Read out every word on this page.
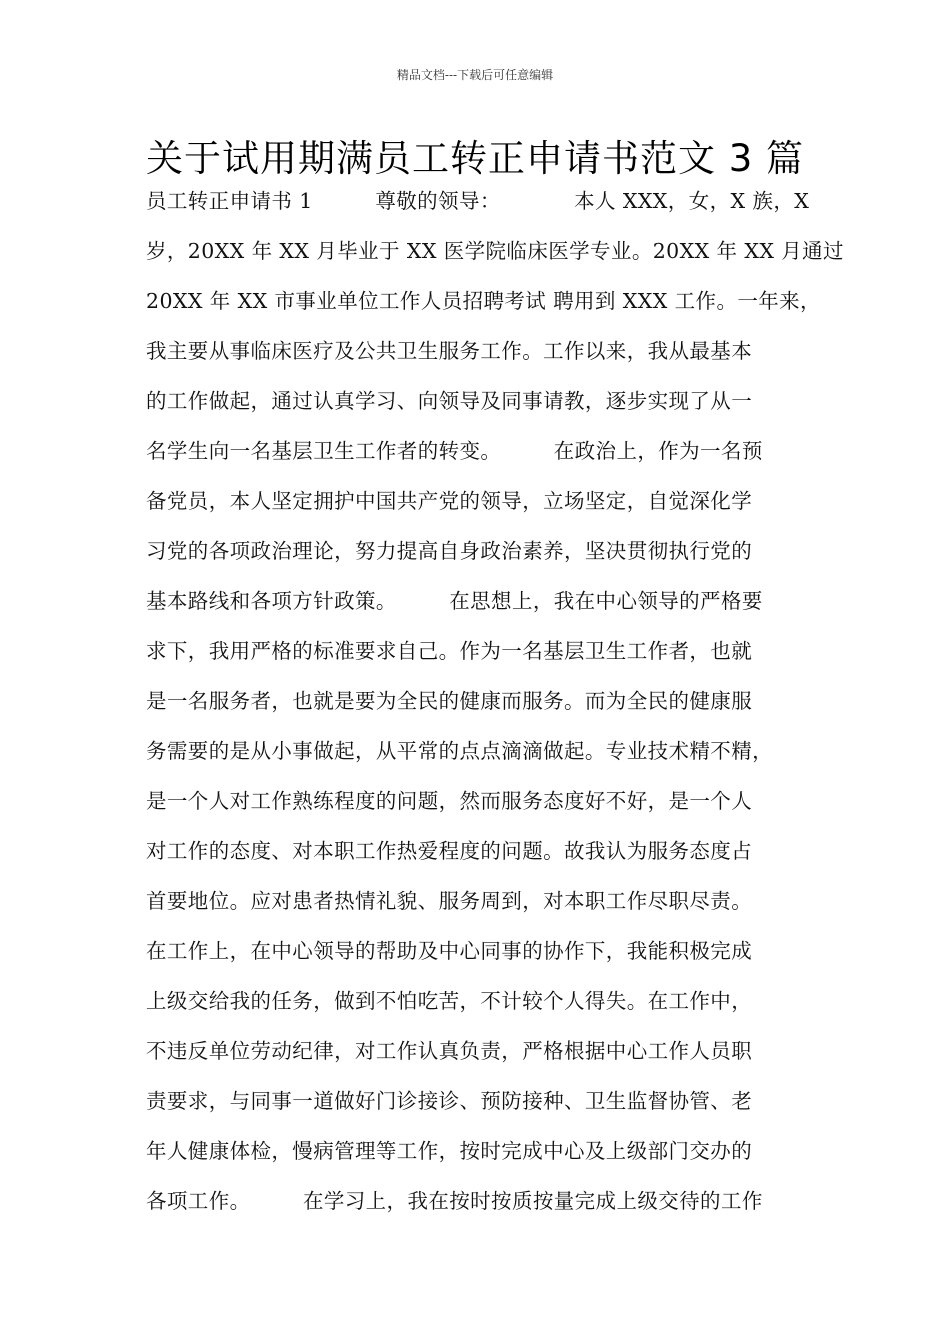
精品文档---下载后可任意编辑
关于试用期满员工转正申请书范文 3 篇
员工转正申请书 1　　　尊敬的领导：　　　　本人 XXX，女，X 族，X
岁，20XX 年 XX 月毕业于 XX 医学院临床医学专业。20XX 年 XX 月通过
20XX 年 XX 市事业单位工作人员招聘考试 聘用到 XXX 工作。一年来，
我主要从事临床医疗及公共卫生服务工作。工作以来，我从最基本
的工作做起，通过认真学习、向领导及同事请教，逐步实现了从一
名学生向一名基层卫生工作者的转变。　　　在政治上，作为一名预
备党员，本人坚定拥护中国共产党的领导，立场坚定，自觉深化学
习党的各项政治理论，努力提高自身政治素养，坚决贯彻执行党的
基本路线和各项方针政策。　　　在思想上，我在中心领导的严格要
求下，我用严格的标准要求自己。作为一名基层卫生工作者，也就
是一名服务者，也就是要为全民的健康而服务。而为全民的健康服
务需要的是从小事做起，从平常的点点滴滴做起。专业技术精不精，
是一个人对工作熟练程度的问题，然而服务态度好不好，是一个人
对工作的态度、对本职工作热爱程度的问题。故我认为服务态度占
首要地位。应对患者热情礼貌、服务周到，对本职工作尽职尽责。
在工作上，在中心领导的帮助及中心同事的协作下，我能积极完成
上级交给我的任务，做到不怕吃苦，不计较个人得失。在工作中，
不违反单位劳动纪律，对工作认真负责，严格根据中心工作人员职
责要求，与同事一道做好门诊接诊、预防接种、卫生监督协管、老
年人健康体检，慢病管理等工作，按时完成中心及上级部门交办的
各项工作。　　　在学习上，我在按时按质按量完成上级交待的工作
